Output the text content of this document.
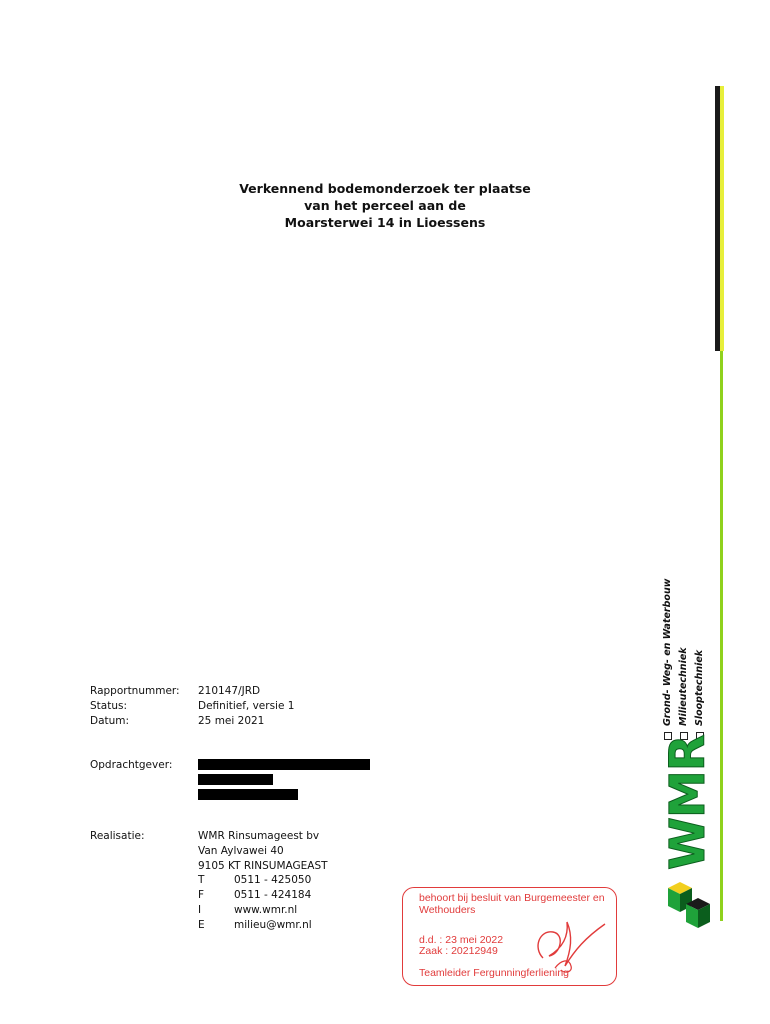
Verkennend bodemonderzoek ter plaatse
van het perceel aan de
Moarsterwei 14 in Lioessens
Rapportnummer: 210147/JRD
Status:	Definitief, versie 1
Datum:	25 mei 2021
Opdrachtgever:
Realisatie:	WMR Rinsumageest bv
Van Aylvawei 40
9105 KT RINSUMAGEAST
T	0511 - 425050
F	0511 - 424184
I	www.wmr.nl
E	milieu@wmr.nl
Grond- Weg- en Waterbouw Milieutechniek Slooptechniek
WMR
behoort bij besluit van Burgemeester en Wethouders
d.d. : 23 mei 2022
Zaak : 20212949
Teamleider Fergunningferliening
